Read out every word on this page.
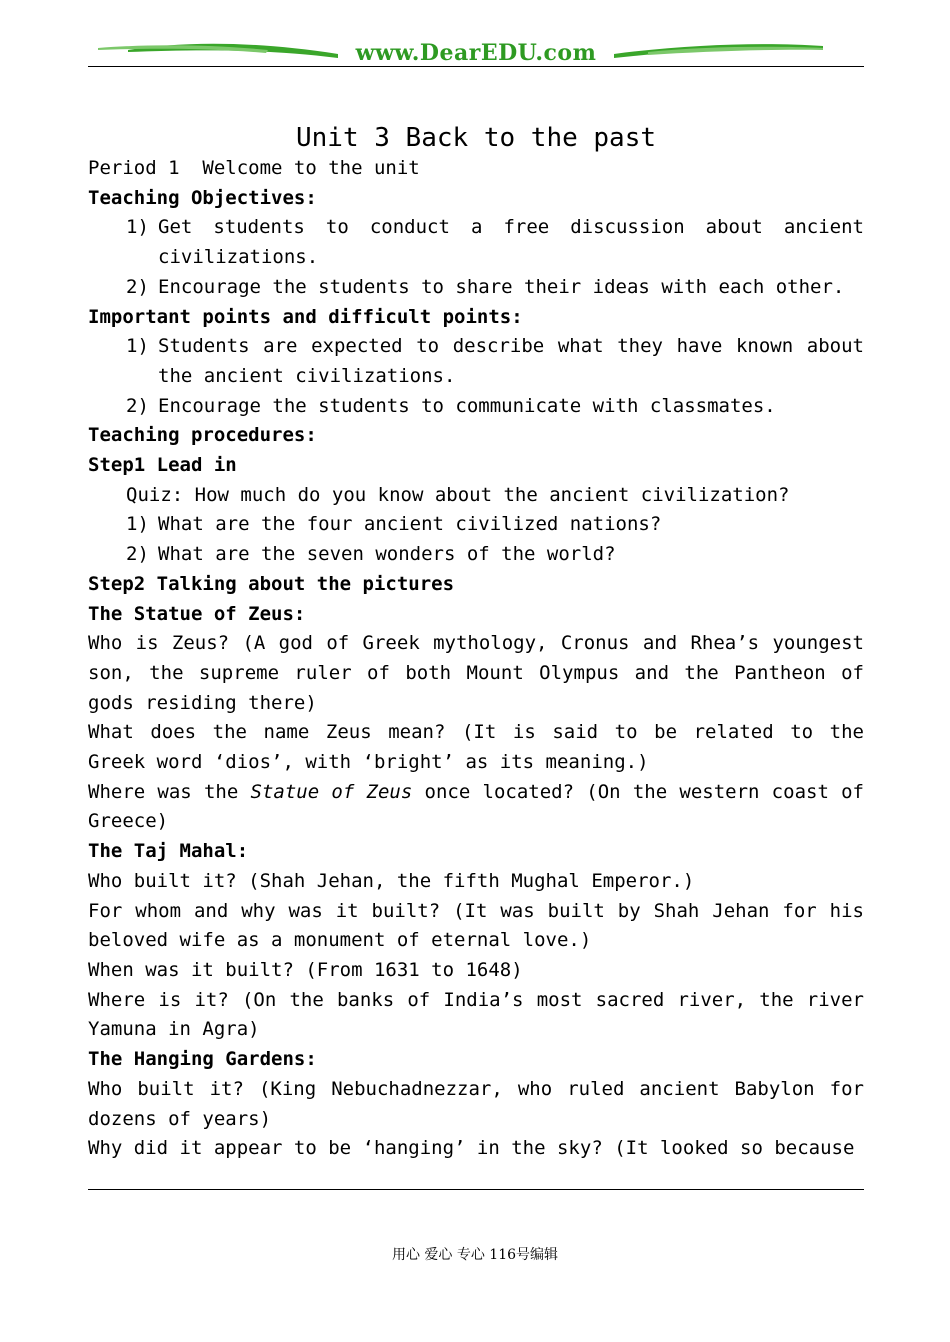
www.DearEDU.com
Unit 3 Back to the past

Period 1  Welcome to the unit

Teaching Objectives:

1) Get students to conduct a free discussion about ancient civilizations.
2) Encourage the students to share their ideas with each other.

Important points and difficult points:

1) Students are expected to describe what they have known about the ancient civilizations.
2) Encourage the students to communicate with classmates.

Teaching procedures:

Step1 Lead in

Quiz: How much do you know about the ancient civilization?

1) What are the four ancient civilized nations?
2) What are the seven wonders of the world?

Step2 Talking about the pictures

The Statue of Zeus:

Who is Zeus? (A god of Greek mythology, Cronus and Rhea’s youngest son, the supreme ruler of both Mount Olympus and the Pantheon of gods residing there)

What does the name Zeus mean? (It is said to be related to the Greek word ‘dios’, with ‘bright’ as its meaning.)

Where was the Statue of Zeus once located? (On the western coast of Greece)

The Taj Mahal:

Who built it? (Shah Jehan, the fifth Mughal Emperor.)

For whom and why was it built? (It was built by Shah Jehan for his beloved wife as a monument of eternal love.)

When was it built? (From 1631 to 1648)

Where is it? (On the banks of India’s most sacred river, the river Yamuna in Agra)

The Hanging Gardens:

Who built it? (King Nebuchadnezzar, who ruled ancient Babylon for dozens of years)

Why did it appear to be ‘hanging’ in the sky? (It looked so because

用心 爱心 专心 116号编辑
